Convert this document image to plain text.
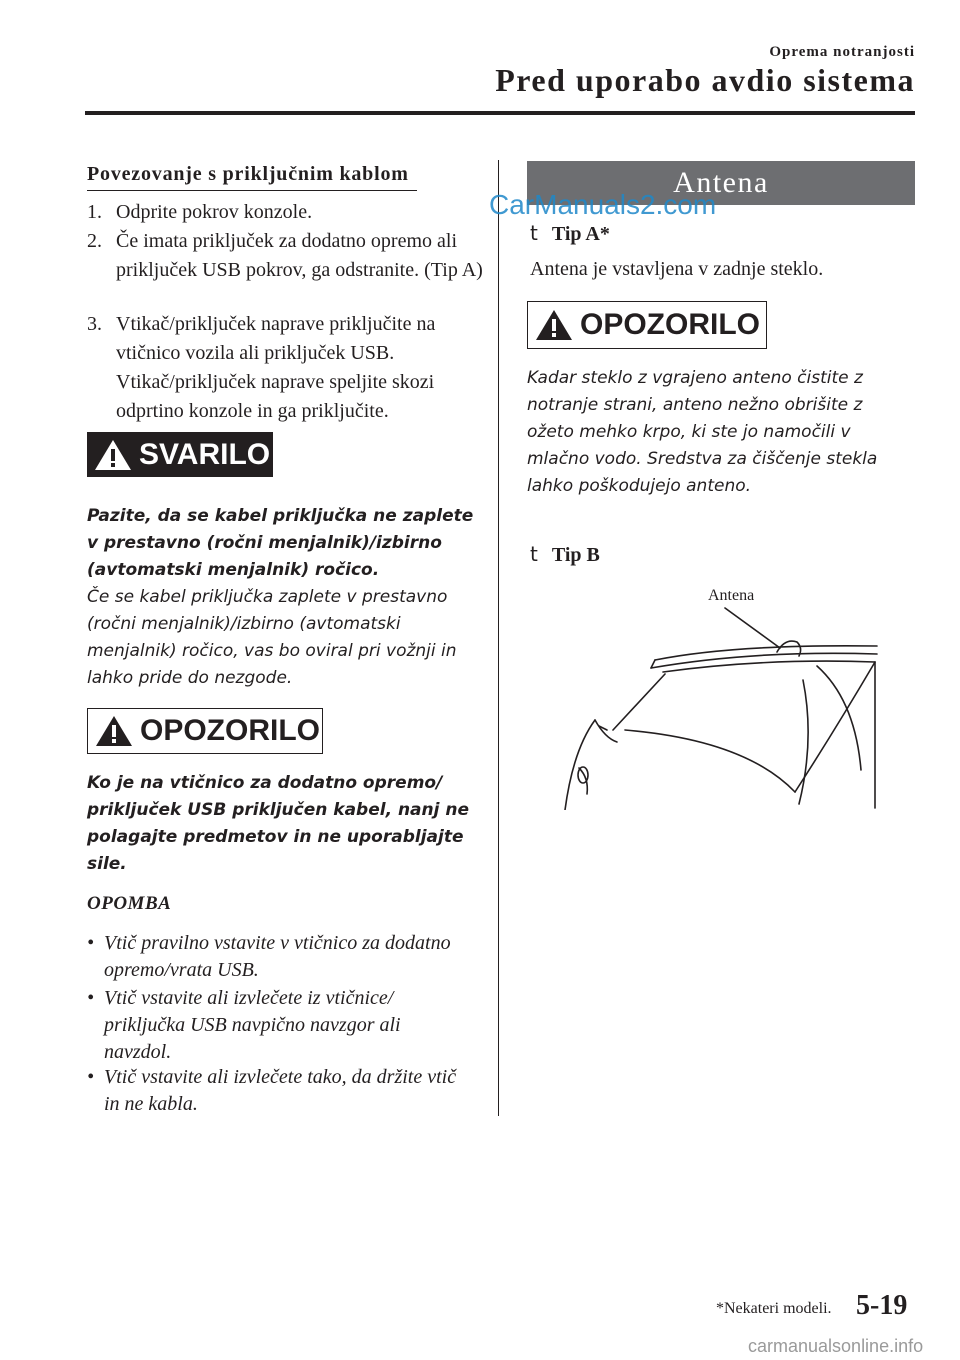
Oprema notranjosti
Pred uporabo avdio sistema
Povezovanje s priključnim kablom
1. Odprite pokrov konzole.
2. Če imata priključek za dodatno opremo ali priključek USB pokrov, ga odstranite. (Tip A)
3. Vtikač/priključek naprave priključite na vtičnico vozila ali priključek USB. Vtikač/priključek naprave speljite skozi odprtino konzole in ga priključite.
SVARILO
Pazite, da se kabel priključka ne zaplete v prestavno (ročni menjalnik)/izbirno (avtomatski menjalnik) ročico.
Če se kabel priključka zaplete v prestavno (ročni menjalnik)/izbirno (avtomatski menjalnik) ročico, vas bo oviral pri vožnji in lahko pride do nezgode.
OPOZORILO
Ko je na vtičnico za dodatno opremo/ priključek USB priključen kabel, nanj ne polagajte predmetov in ne uporabljajte sile.
OPOMBA
• Vtič pravilno vstavite v vtičnico za dodatno opremo/vrata USB.
• Vtič vstavite ali izvlečete iz vtičnice/ priključka USB navpično navzgor ali navzdol.
• Vtič vstavite ali izvlečete tako, da držite vtič in ne kabla.
Antena
CarManuals2.com
t Tip A*
Antena je vstavljena v zadnje steklo.
OPOZORILO
Kadar steklo z vgrajeno anteno čistite z notranje strani, anteno nežno obrišite z ožeto mehko krpo, ki ste jo namočili v mlačno vodo. Sredstva za čiščenje stekla lahko poškodujejo anteno.
t Tip B
Antena
*Nekateri modeli. 5-19
carmanualsonline.info
